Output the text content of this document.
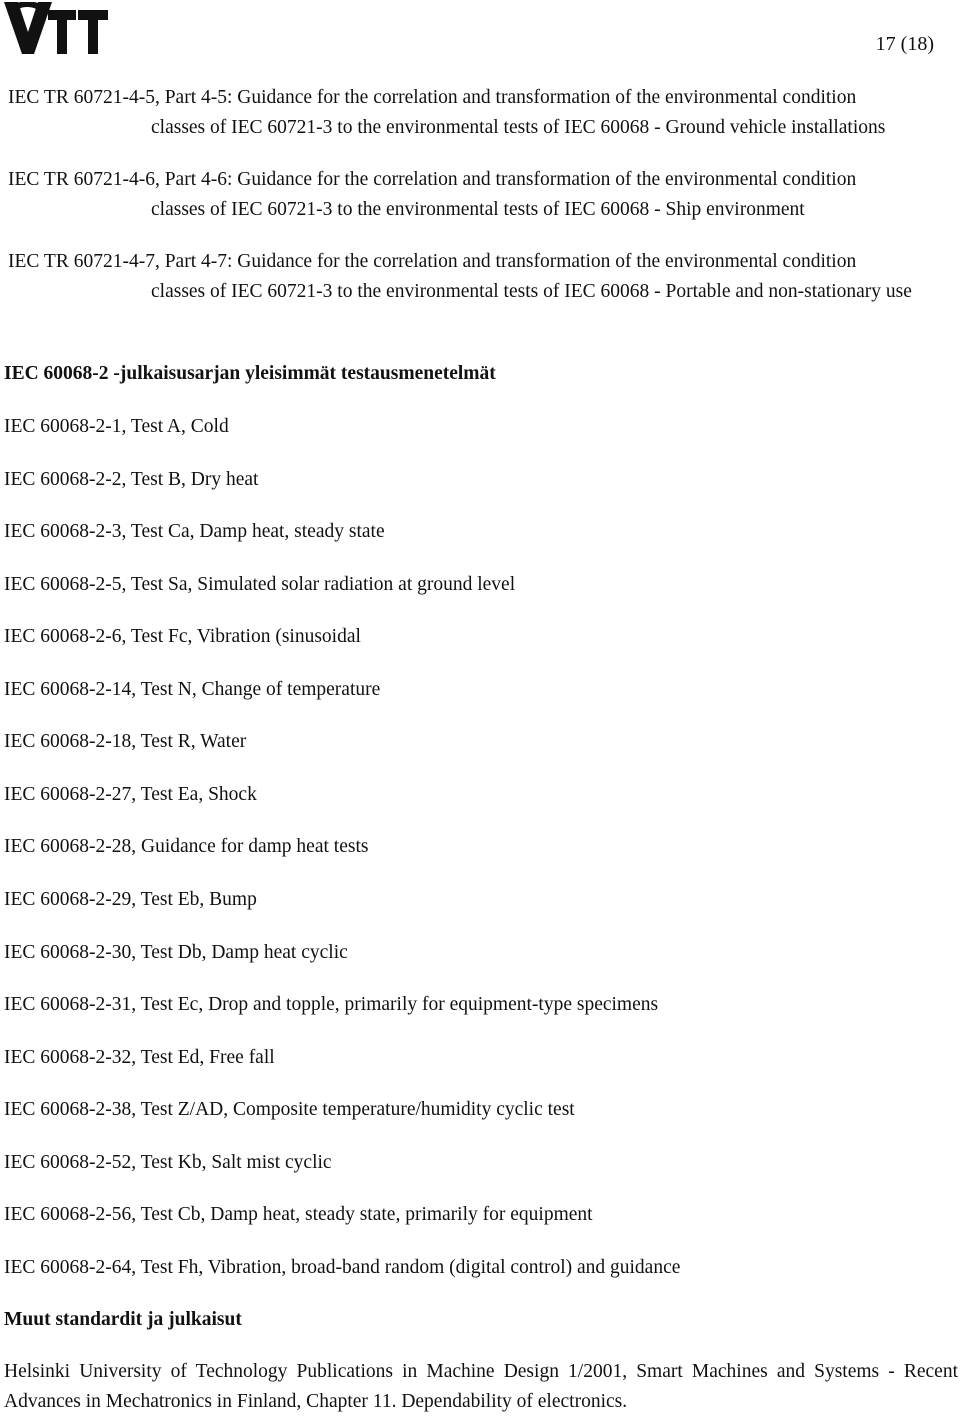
17 (18)
IEC TR 60721-4-5, Part 4-5: Guidance for the correlation and transformation of the environmental condition
classes of IEC 60721-3 to the environmental tests of IEC 60068 - Ground vehicle installations
IEC TR 60721-4-6, Part 4-6: Guidance for the correlation and transformation of the environmental condition
classes of IEC 60721-3 to the environmental tests of IEC 60068 - Ship environment
IEC TR 60721-4-7, Part 4-7: Guidance for the correlation and transformation of the environmental condition
classes of IEC 60721-3 to the environmental tests of IEC 60068 - Portable and non-stationary use
IEC 60068-2 -julkaisusarjan yleisimmät testausmenetelmät
IEC 60068-2-1, Test A, Cold
IEC 60068-2-2, Test B, Dry heat
IEC 60068-2-3, Test Ca, Damp heat, steady state
IEC 60068-2-5, Test Sa, Simulated solar radiation at ground level
IEC 60068-2-6, Test Fc, Vibration (sinusoidal
IEC 60068-2-14, Test N, Change of temperature
IEC 60068-2-18, Test R, Water
IEC 60068-2-27, Test Ea, Shock
IEC 60068-2-28, Guidance for damp heat tests
IEC 60068-2-29, Test Eb, Bump
IEC 60068-2-30, Test Db, Damp heat cyclic
IEC 60068-2-31, Test Ec, Drop and topple, primarily for equipment-type specimens
IEC 60068-2-32, Test Ed, Free fall
IEC 60068-2-38, Test Z/AD, Composite temperature/humidity cyclic test
IEC 60068-2-52, Test Kb, Salt mist cyclic
IEC 60068-2-56, Test Cb, Damp heat, steady state, primarily for equipment
IEC 60068-2-64, Test Fh, Vibration, broad-band random (digital control) and guidance
Muut standardit ja julkaisut
Helsinki University of Technology Publications in Machine Design 1/2001, Smart Machines and Systems - Recent Advances in Mechatronics in Finland, Chapter 11. Dependability of electronics.
